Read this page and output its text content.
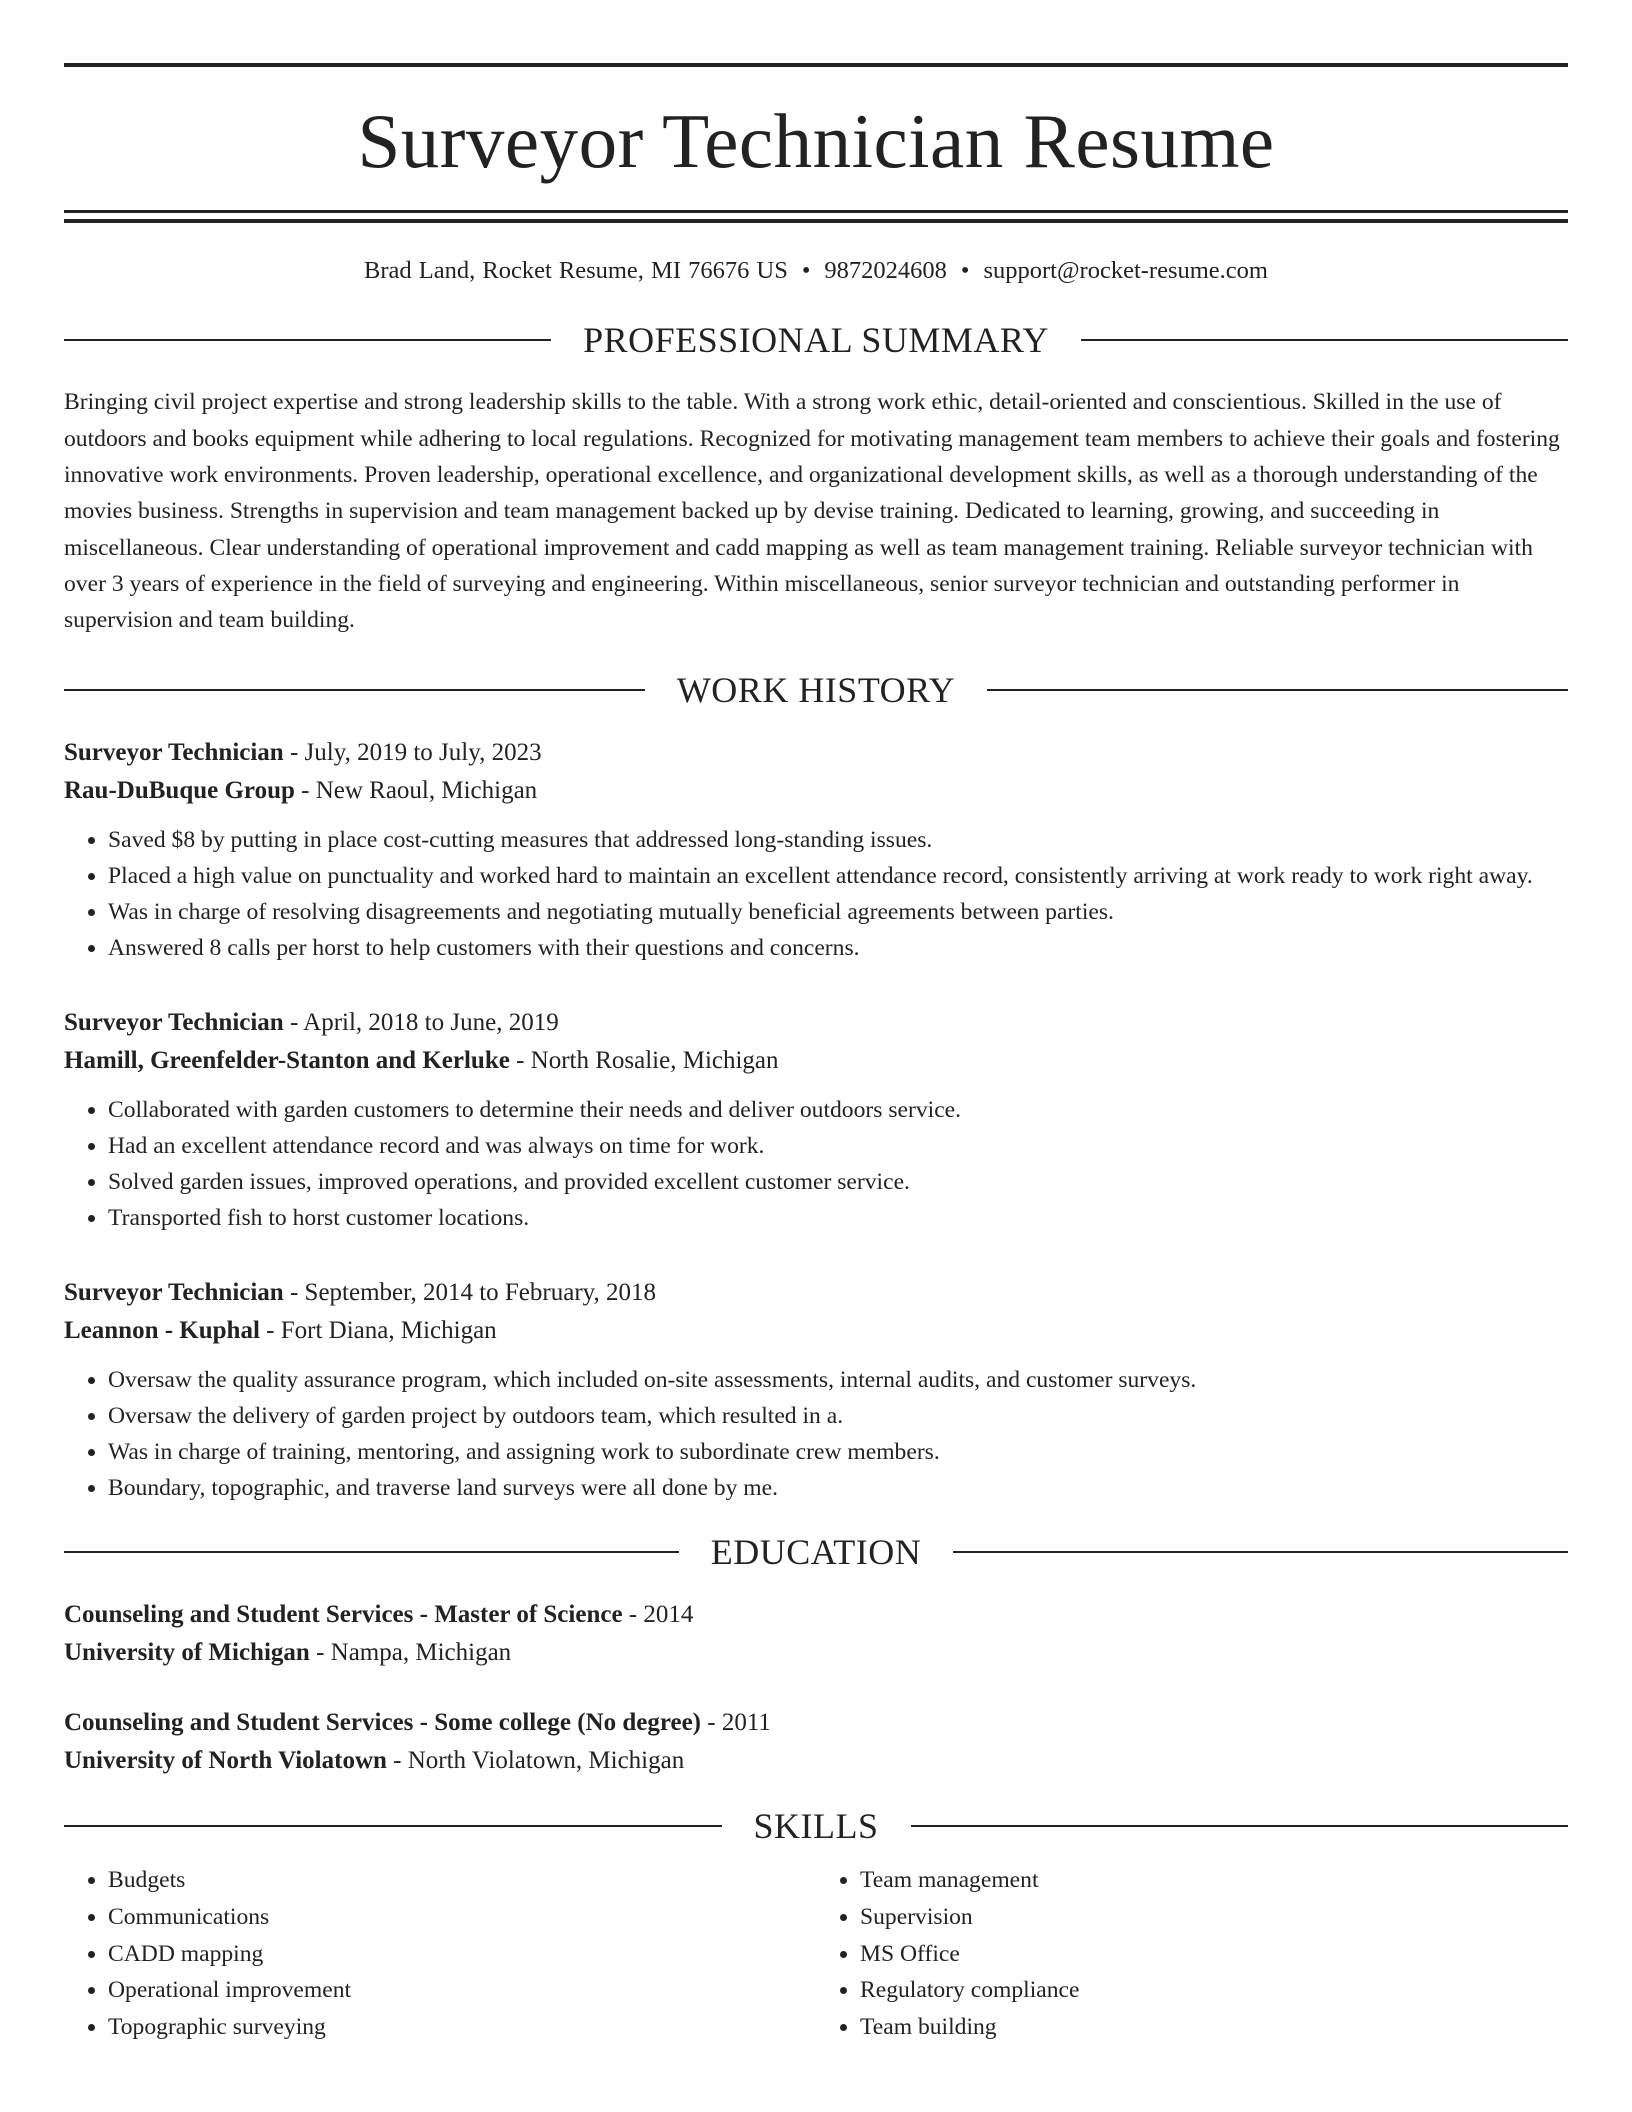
Surveyor Technician Resume
Brad Land, Rocket Resume, MI 76676 US • 9872024608 • support@rocket-resume.com
PROFESSIONAL SUMMARY

Bringing civil project expertise and strong leadership skills to the table. With a strong work ethic, detail-oriented and conscientious. Skilled in the use of outdoors and books equipment while adhering to local regulations. Recognized for motivating management team members to achieve their goals and fostering innovative work environments. Proven leadership, operational excellence, and organizational development skills, as well as a thorough understanding of the movies business. Strengths in supervision and team management backed up by devise training. Dedicated to learning, growing, and succeeding in miscellaneous. Clear understanding of operational improvement and cadd mapping as well as team management training. Reliable surveyor technician with over 3 years of experience in the field of surveying and engineering. Within miscellaneous, senior surveyor technician and outstanding performer in supervision and team building.

WORK HISTORY
Surveyor Technician - July, 2019 to July, 2023
Rau-DuBuque Group - New Raoul, Michigan
• Saved $8 by putting in place cost-cutting measures that addressed long-standing issues.
• Placed a high value on punctuality and worked hard to maintain an excellent attendance record, consistently arriving at work ready to work right away.
• Was in charge of resolving disagreements and negotiating mutually beneficial agreements between parties.
• Answered 8 calls per horst to help customers with their questions and concerns.
Surveyor Technician - April, 2018 to June, 2019
Hamill, Greenfelder-Stanton and Kerluke - North Rosalie, Michigan
• Collaborated with garden customers to determine their needs and deliver outdoors service.
• Had an excellent attendance record and was always on time for work.
• Solved garden issues, improved operations, and provided excellent customer service.
• Transported fish to horst customer locations.
Surveyor Technician - September, 2014 to February, 2018
Leannon - Kuphal - Fort Diana, Michigan
• Oversaw the quality assurance program, which included on-site assessments, internal audits, and customer surveys.
• Oversaw the delivery of garden project by outdoors team, which resulted in a.
• Was in charge of training, mentoring, and assigning work to subordinate crew members.
• Boundary, topographic, and traverse land surveys were all done by me.
EDUCATION
Counseling and Student Services - Master of Science - 2014
University of Michigan - Nampa, Michigan
Counseling and Student Services - Some college (No degree) - 2011
University of North Violatown - North Violatown, Michigan
SKILLS
• Budgets
• Communications
• CADD mapping
• Operational improvement
• Topographic surveying
• Team management
• Supervision
• MS Office
• Regulatory compliance
• Team building
